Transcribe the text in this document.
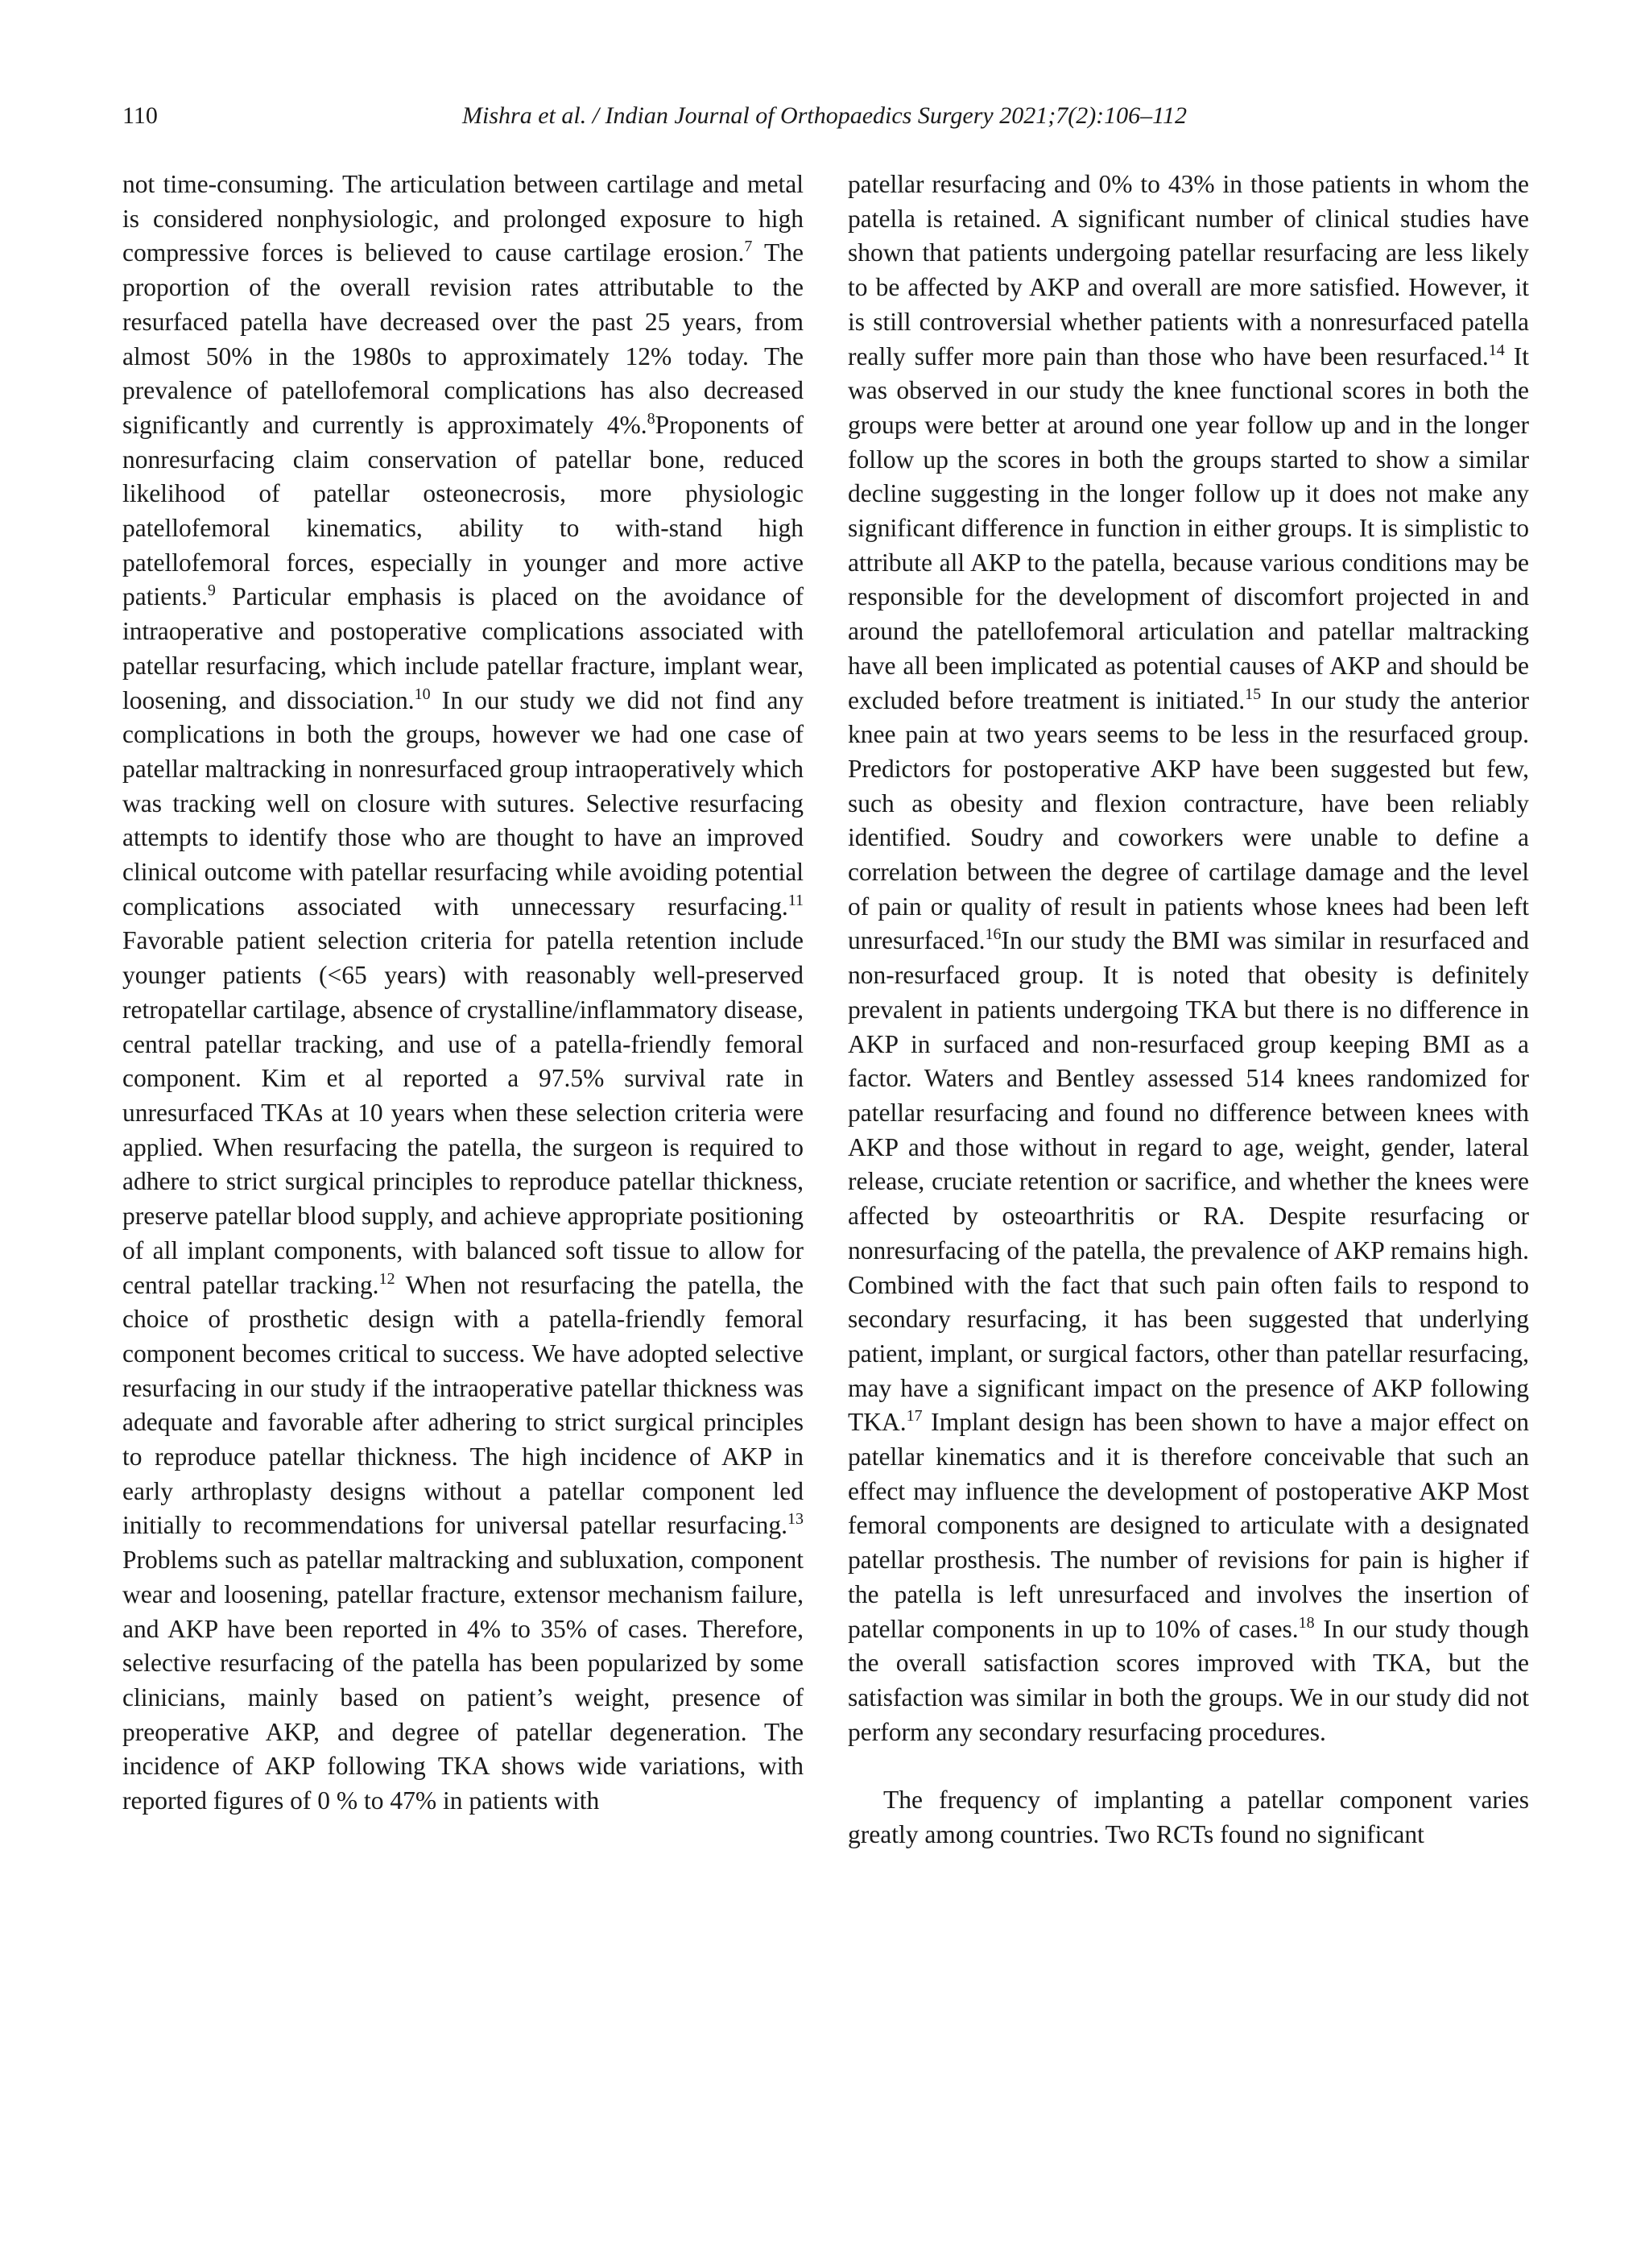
110	Mishra et al. / Indian Journal of Orthopaedics Surgery 2021;7(2):106–112

not time-consuming. The articulation between cartilage and metal is considered nonphysiologic, and prolonged exposure to high compressive forces is believed to cause cartilage erosion.$^7$ The proportion of the overall revision rates attributable to the resurfaced patella have decreased over the past 25 years, from almost 50% in the 1980s to approximately 12% today. The prevalence of patellofemoral complications has also decreased significantly and currently is approximately 4%.$^8$Proponents of nonresurfacing claim conservation of patellar bone, reduced likelihood of patellar osteonecrosis, more physiologic patellofemoral kinematics, ability to with-stand high patellofemoral forces, especially in younger and more active patients.$^9$ Particular emphasis is placed on the avoidance of intraoperative and postoperative complications associated with patellar resurfacing, which include patellar fracture, implant wear, loosening, and dissociation.$^{10}$ In our study we did not find any complications in both the groups, however we had one case of patellar maltracking in nonresurfaced group intraoperatively which was tracking well on closure with sutures. Selective resurfacing attempts to identify those who are thought to have an improved clinical outcome with patellar resurfacing while avoiding potential complications associated with unnecessary resurfacing.$^{11}$ Favorable patient selection criteria for patella retention include younger patients (<65 years) with reasonably well-preserved retropatellar cartilage, absence of crystalline/inflammatory disease, central patellar tracking, and use of a patella-friendly femoral component. Kim et al reported a 97.5% survival rate in unresurfaced TKAs at 10 years when these selection criteria were applied. When resurfacing the patella, the surgeon is required to adhere to strict surgical principles to reproduce patellar thickness, preserve patellar blood supply, and achieve appropriate positioning of all implant components, with balanced soft tissue to allow for central patellar tracking.$^{12}$ When not resurfacing the patella, the choice of prosthetic design with a patella-friendly femoral component becomes critical to success. We have adopted selective resurfacing in our study if the intraoperative patellar thickness was adequate and favorable after adhering to strict surgical principles to reproduce patellar thickness. The high incidence of AKP in early arthroplasty designs without a patellar component led initially to recommendations for universal patellar resurfacing.$^{13}$ Problems such as patellar maltracking and subluxation, component wear and loosening, patellar fracture, extensor mechanism failure, and AKP have been reported in 4% to 35% of cases. Therefore, selective resurfacing of the patella has been popularized by some clinicians, mainly based on patient’s weight, presence of preoperative AKP, and degree of patellar degeneration. The incidence of AKP following TKA shows wide variations, with reported figures of 0 % to 47% in patients with

patellar resurfacing and 0% to 43% in those patients in whom the patella is retained. A significant number of clinical studies have shown that patients undergoing patellar resurfacing are less likely to be affected by AKP and overall are more satisfied. However, it is still controversial whether patients with a nonresurfaced patella really suffer more pain than those who have been resurfaced.$^{14}$ It was observed in our study the knee functional scores in both the groups were better at around one year follow up and in the longer follow up the scores in both the groups started to show a similar decline suggesting in the longer follow up it does not make any significant difference in function in either groups. It is simplistic to attribute all AKP to the patella, because various conditions may be responsible for the development of discomfort projected in and around the patellofemoral articulation and patellar maltracking have all been implicated as potential causes of AKP and should be excluded before treatment is initiated.$^{15}$ In our study the anterior knee pain at two years seems to be less in the resurfaced group. Predictors for postoperative AKP have been suggested but few, such as obesity and flexion contracture, have been reliably identified. Soudry and coworkers were unable to define a correlation between the degree of cartilage damage and the level of pain or quality of result in patients whose knees had been left unresurfaced.$^{16}$In our study the BMI was similar in resurfaced and non-resurfaced group. It is noted that obesity is definitely prevalent in patients undergoing TKA but there is no difference in AKP in surfaced and non-resurfaced group keeping BMI as a factor. Waters and Bentley assessed 514 knees randomized for patellar resurfacing and found no difference between knees with AKP and those without in regard to age, weight, gender, lateral release, cruciate retention or sacrifice, and whether the knees were affected by osteoarthritis or RA. Despite resurfacing or nonresurfacing of the patella, the prevalence of AKP remains high. Combined with the fact that such pain often fails to respond to secondary resurfacing, it has been suggested that underlying patient, implant, or surgical factors, other than patellar resurfacing, may have a significant impact on the presence of AKP following TKA.$^{17}$ Implant design has been shown to have a major effect on patellar kinematics and it is therefore conceivable that such an effect may influence the development of postoperative AKP Most femoral components are designed to articulate with a designated patellar prosthesis. The number of revisions for pain is higher if the patella is left unresurfaced and involves the insertion of patellar components in up to 10% of cases.$^{18}$ In our study though the overall satisfaction scores improved with TKA, but the satisfaction was similar in both the groups. We in our study did not perform any secondary resurfacing procedures.

The frequency of implanting a patellar component varies greatly among countries. Two RCTs found no significant
